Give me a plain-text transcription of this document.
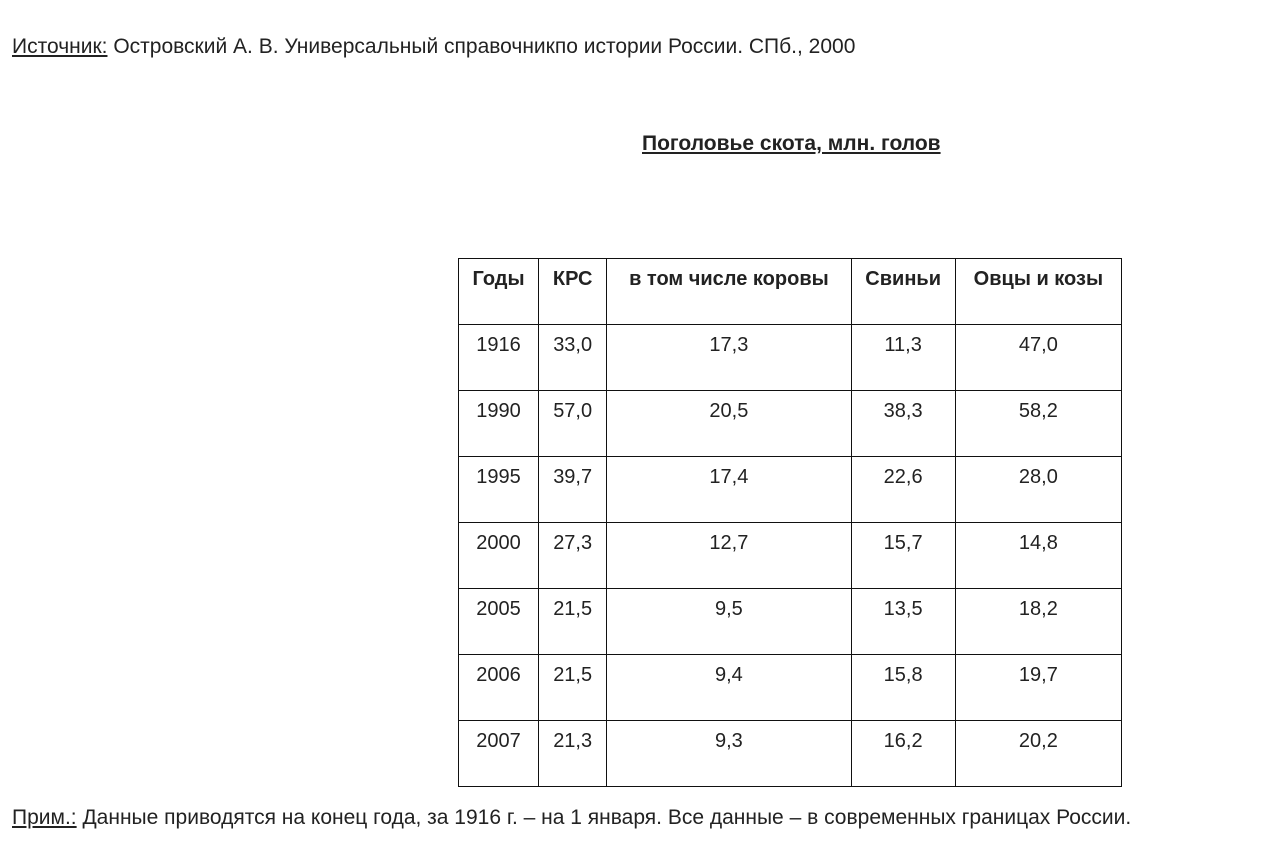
Источник: Островский А. В. Универсальный справочникпо истории России. СПб., 2000
Поголовье скота, млн. голов
Годы	КРС	в том числе коровы	Свиньи	Овцы и козы

1916	33,0	17,3	11,3	47,0

1990	57,0	20,5	38,3	58,2

1995	39,7	17,4	22,6	28,0

2000	27,3	12,7	15,7	14,8

2005	21,5	9,5	13,5	18,2

2006	21,5	9,4	15,8	19,7

2007	21,3	9,3	16,2	20,2
Прим.: Данные приводятся на конец года, за 1916 г. – на 1 января. Все данные – в современных границах России.
